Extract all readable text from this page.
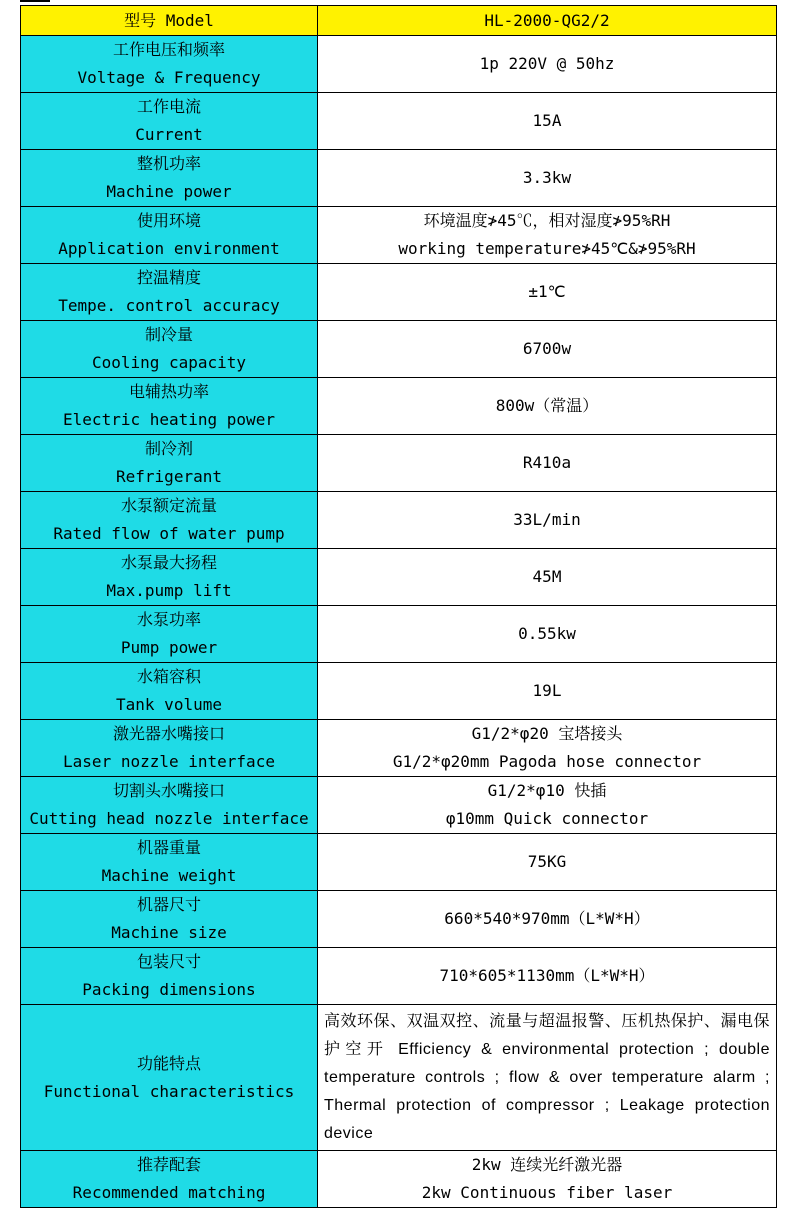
型号 Model	HL-2000-QG2/2

工作电压和频率
Voltage & Frequency	1p 220V @ 50hz

工作电流
Current	15A

整机功率
Machine power	3.3kw

使用环境
Application environment	环境温度≯45℃，相对湿度≯95%RH
working temperature≯45℃&≯95%RH

控温精度
Tempe. control accuracy	±1℃

制冷量
Cooling capacity	6700w

电辅热功率
Electric heating power	800w（常温）

制冷剂
Refrigerant	R410a

水泵额定流量
Rated flow of water pump	33L/min

水泵最大扬程
Max.pump lift	45M

水泵功率
Pump power	0.55kw

水箱容积
Tank volume	19L

激光器水嘴接口
Laser nozzle interface	G1/2*φ20 宝塔接头
G1/2*φ20mm Pagoda hose connector

切割头水嘴接口
Cutting head nozzle interface	G1/2*φ10 快插
φ10mm Quick connector

机器重量
Machine weight	75KG

机器尺寸
Machine size	660*540*970mm（L*W*H）

包装尺寸
Packing dimensions	710*605*1130mm（L*W*H）

功能特点
Functional characteristics	高效环保、双温双控、流量与超温报警、压机热保护、漏电保护空开 Efficiency & environmental protection ; double temperature controls ; flow & over temperature alarm ; Thermal protection of compressor ; Leakage protection device

推荐配套
Recommended matching	2kw 连续光纤激光器
2kw Continuous fiber laser
